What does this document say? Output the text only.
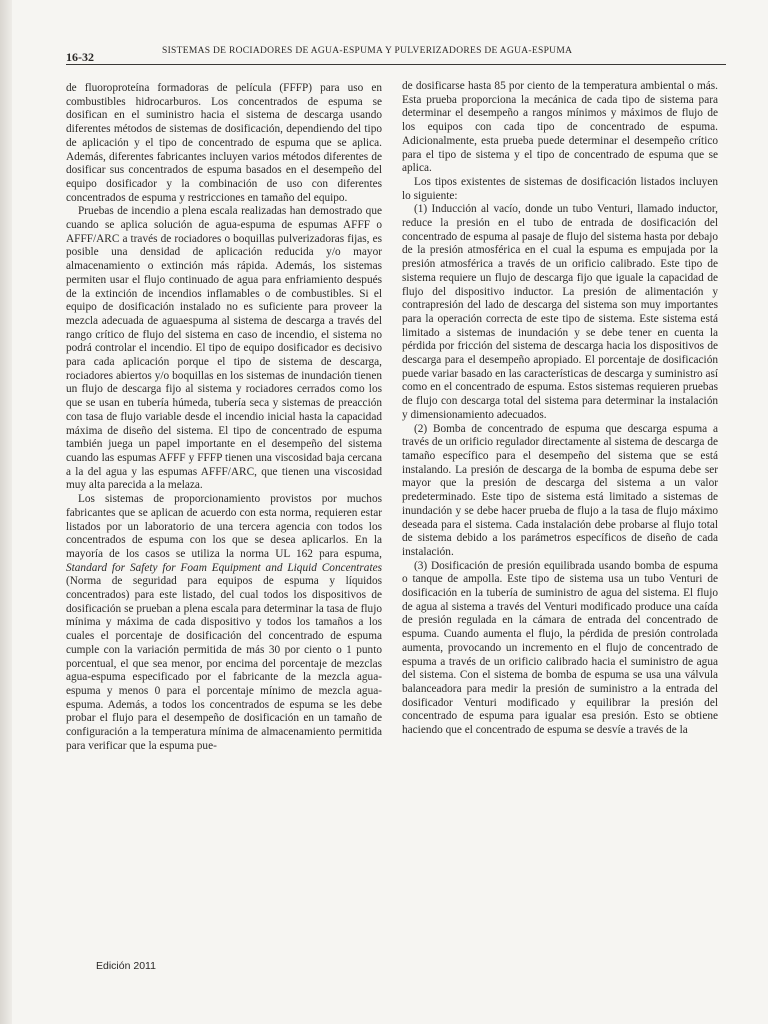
16-32	SISTEMAS DE ROCIADORES DE AGUA-ESPUMA Y PULVERIZADORES DE AGUA-ESPUMA

de fluoroproteína formadoras de película (FFFP) para uso en combustibles hidrocarburos. Los concentrados de espuma se dosifican en el suministro hacia el sistema de descarga usando diferentes métodos de sistemas de dosificación, dependiendo del tipo de aplicación y el tipo de concentrado de espuma que se aplica. Además, diferentes fabricantes incluyen varios métodos diferentes de dosificar sus concentrados de espuma basados en el desempeño del equipo dosificador y la combinación de uso con diferentes concentrados de espuma y restricciones en tamaño del equipo.

Pruebas de incendio a plena escala realizadas han demostrado que cuando se aplica solución de agua-espuma de espumas AFFF o AFFF/ARC a través de rociadores o boquillas pulverizadoras fijas, es posible una densidad de aplicación reducida y/o mayor almacenamiento o extinción más rápida. Además, los sistemas permiten usar el flujo continuado de agua para enfriamiento después de la extinción de incendios inflamables o de combustibles. Si el equipo de dosificación instalado no es suficiente para proveer la mezcla adecuada de aguaespuma al sistema de descarga a través del rango crítico de flujo del sistema en caso de incendio, el sistema no podrá controlar el incendio. El tipo de equipo dosificador es decisivo para cada aplicación porque el tipo de sistema de descarga, rociadores abiertos y/o boquillas en los sistemas de inundación tienen un flujo de descarga fijo al sistema y rociadores cerrados como los que se usan en tubería húmeda, tubería seca y sistemas de preacción con tasa de flujo variable desde el incendio inicial hasta la capacidad máxima de diseño del sistema. El tipo de concentrado de espuma también juega un papel importante en el desempeño del sistema cuando las espumas AFFF y FFFP tienen una viscosidad baja cercana a la del agua y las espumas AFFF/ARC, que tienen una viscosidad muy alta parecida a la melaza.

Los sistemas de proporcionamiento provistos por muchos fabricantes que se aplican de acuerdo con esta norma, requieren estar listados por un laboratorio de una tercera agencia con todos los concentrados de espuma con los que se desea aplicarlos. En la mayoría de los casos se utiliza la norma UL 162 para espuma, Standard for Safety for Foam Equipment and Liquid Concentrates (Norma de seguridad para equipos de espuma y líquidos concentrados) para este listado, del cual todos los dispositivos de dosificación se prueban a plena escala para determinar la tasa de flujo mínima y máxima de cada dispositivo y todos los tamaños a los cuales el porcentaje de dosificación del concentrado de espuma cumple con la variación permitida de más 30 por ciento o 1 punto porcentual, el que sea menor, por encima del porcentaje de mezclas agua-espuma especificado por el fabricante de la mezcla agua-espuma y menos 0 para el porcentaje mínimo de mezcla agua-espuma. Además, a todos los concentrados de espuma se les debe probar el flujo para el desempeño de dosificación en un tamaño de configuración a la temperatura mínima de almacenamiento permitida para verificar que la espuma pue-

de dosificarse hasta 85 por ciento de la temperatura ambiental o más. Esta prueba proporciona la mecánica de cada tipo de sistema para determinar el desempeño a rangos mínimos y máximos de flujo de los equipos con cada tipo de concentrado de espuma. Adicionalmente, esta prueba puede determinar el desempeño crítico para el tipo de sistema y el tipo de concentrado de espuma que se aplica.

Los tipos existentes de sistemas de dosificación listados incluyen lo siguiente:

(1) Inducción al vacío, donde un tubo Venturi, llamado inductor, reduce la presión en el tubo de entrada de dosificación del concentrado de espuma al pasaje de flujo del sistema hasta por debajo de la presión atmosférica en el cual la espuma es empujada por la presión atmosférica a través de un orificio calibrado. Este tipo de sistema requiere un flujo de descarga fijo que iguale la capacidad de flujo del dispositivo inductor. La presión de alimentación y contrapresión del lado de descarga del sistema son muy importantes para la operación correcta de este tipo de sistema. Este sistema está limitado a sistemas de inundación y se debe tener en cuenta la pérdida por fricción del sistema de descarga hacia los dispositivos de descarga para el desempeño apropiado. El porcentaje de dosificación puede variar basado en las características de descarga y suministro así como en el concentrado de espuma. Estos sistemas requieren pruebas de flujo con descarga total del sistema para determinar la instalación y dimensionamiento adecuados.

(2) Bomba de concentrado de espuma que descarga espuma a través de un orificio regulador directamente al sistema de descarga de tamaño específico para el desempeño del sistema que se está instalando. La presión de descarga de la bomba de espuma debe ser mayor que la presión de descarga del sistema a un valor predeterminado. Este tipo de sistema está limitado a sistemas de inundación y se debe hacer prueba de flujo a la tasa de flujo máximo deseada para el sistema. Cada instalación debe probarse al flujo total de sistema debido a los parámetros específicos de diseño de cada instalación.

(3) Dosificación de presión equilibrada usando bomba de espuma o tanque de ampolla. Este tipo de sistema usa un tubo Venturi de dosificación en la tubería de suministro de agua del sistema. El flujo de agua al sistema a través del Venturi modificado produce una caída de presión regulada en la cámara de entrada del concentrado de espuma. Cuando aumenta el flujo, la pérdida de presión controlada aumenta, provocando un incremento en el flujo de concentrado de espuma a través de un orificio calibrado hacia el suministro de agua del sistema. Con el sistema de bomba de espuma se usa una válvula balanceadora para medir la presión de suministro a la entrada del dosificador Venturi modificado y equilibrar la presión del concentrado de espuma para igualar esa presión. Esto se obtiene haciendo que el concentrado de espuma se desvíe a través de la

Edición 2011
